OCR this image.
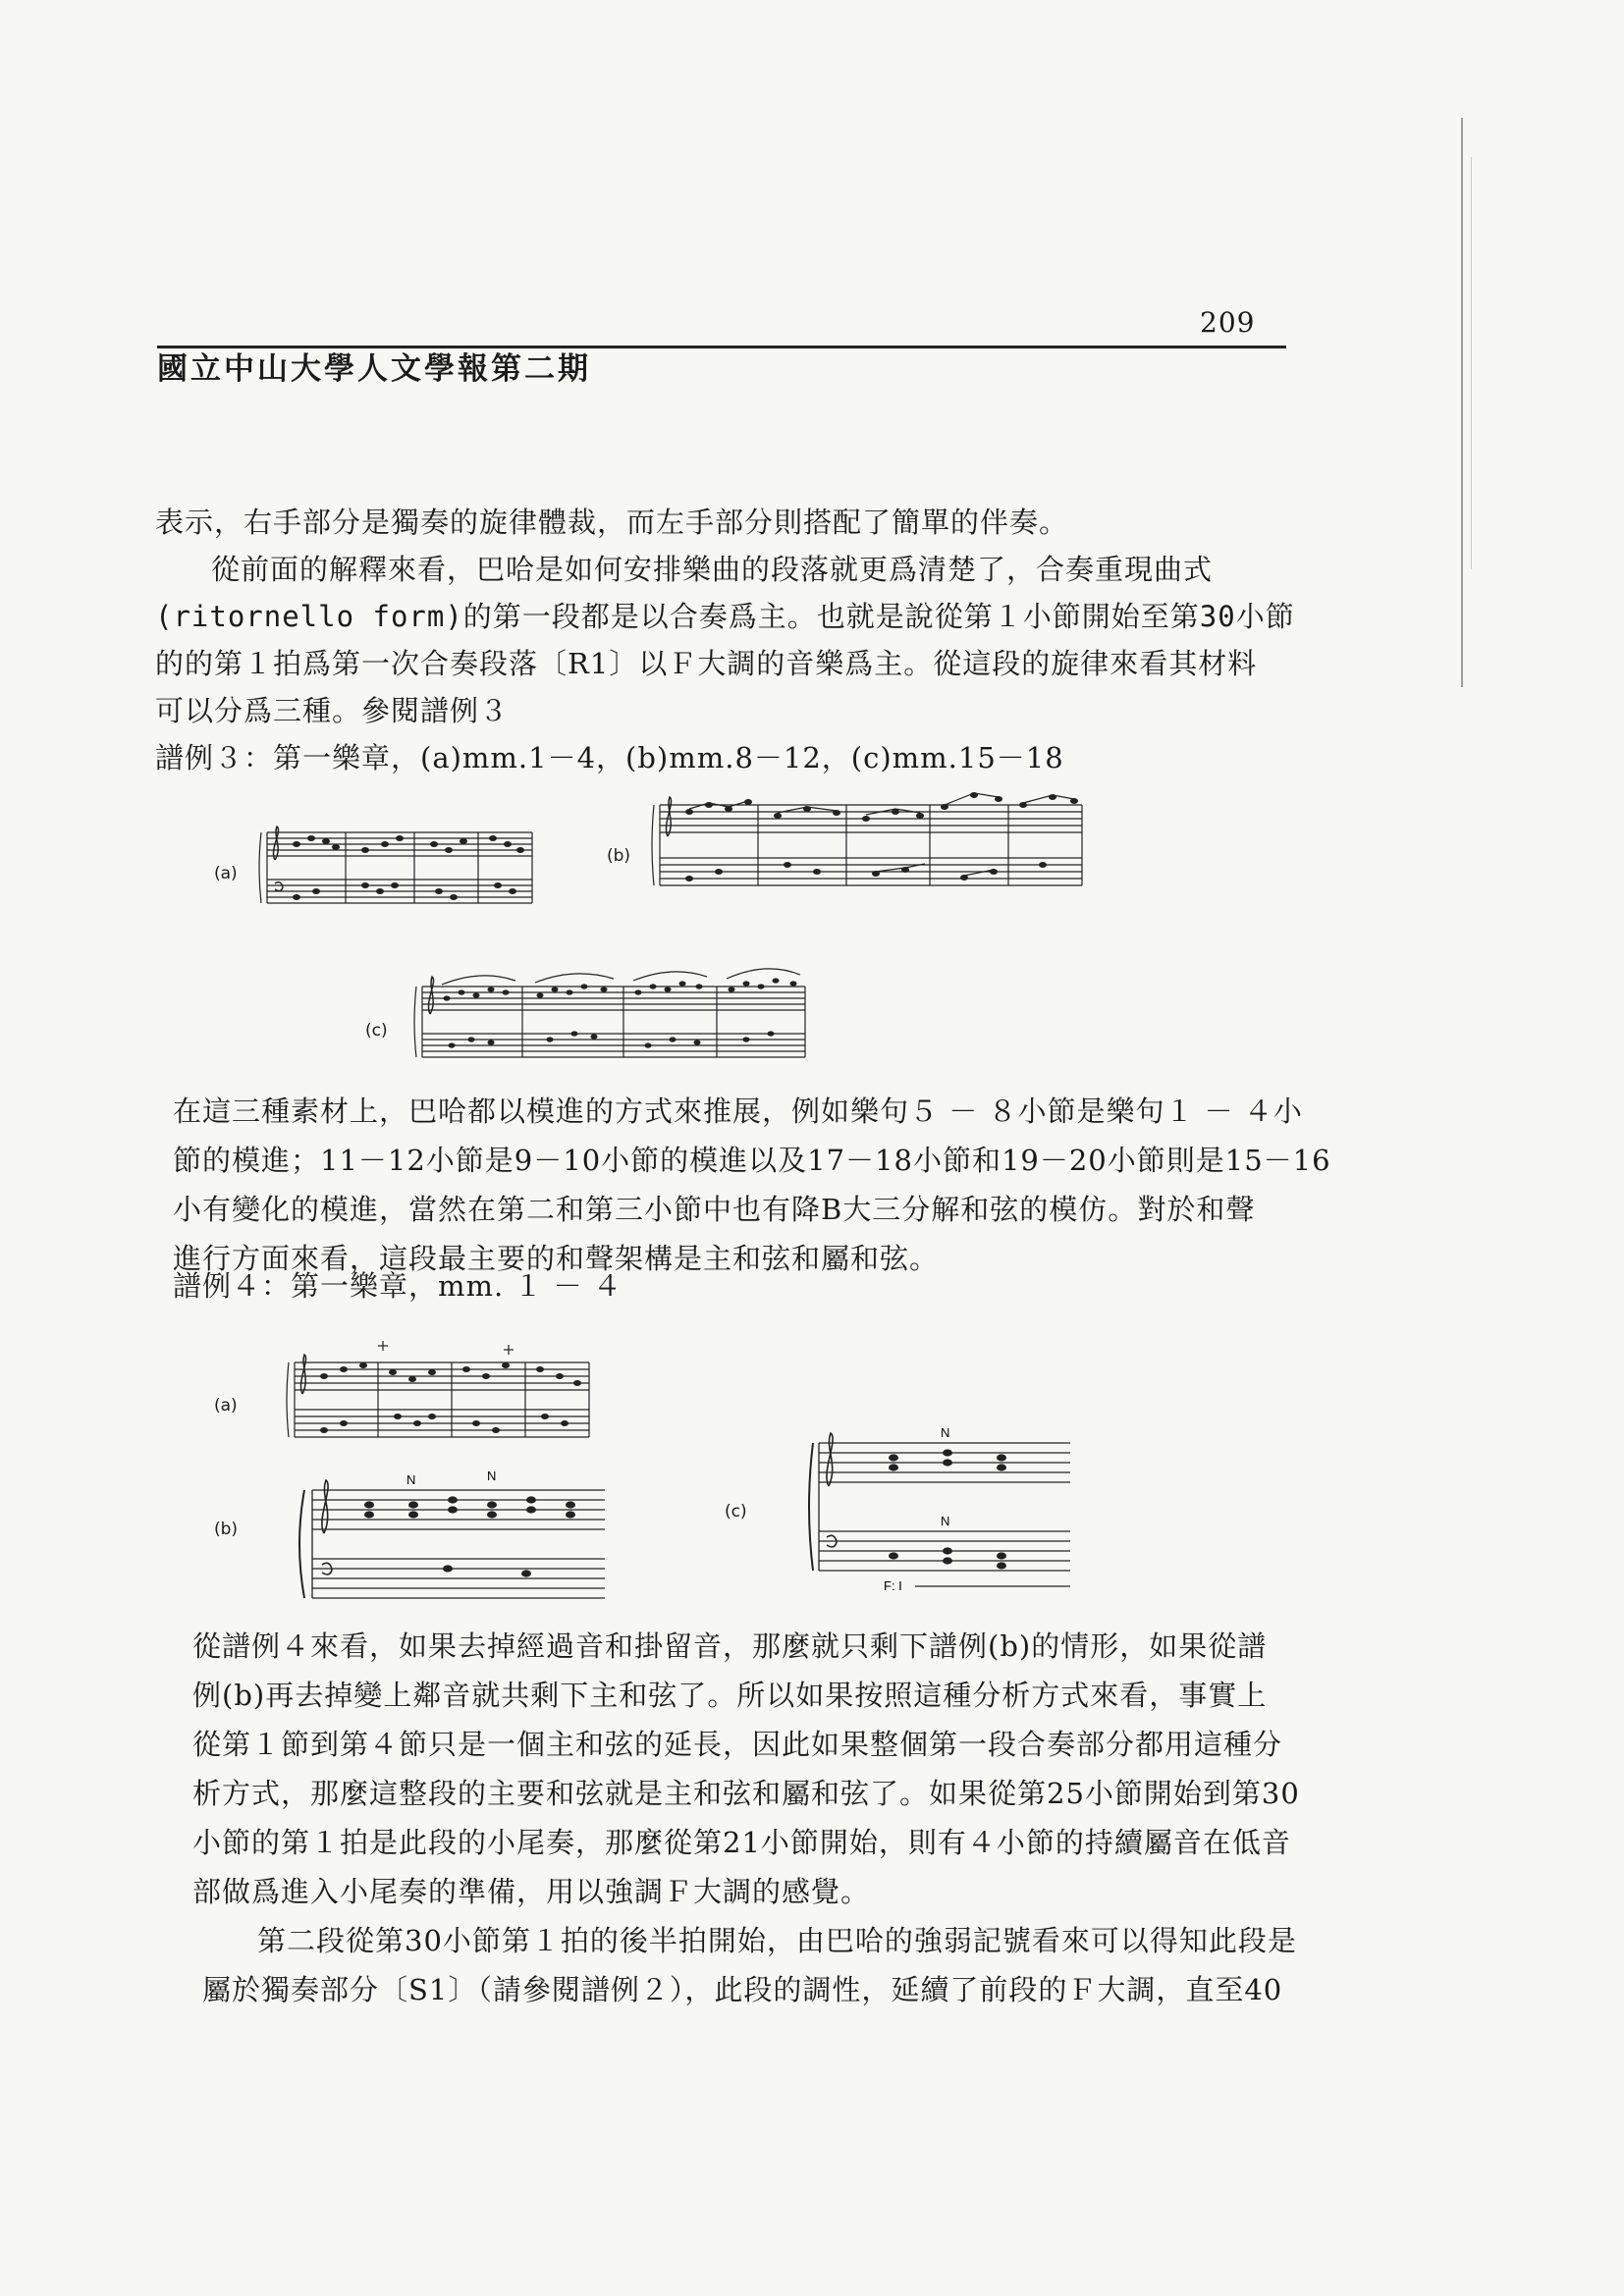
209
國立中山大學人文學報第二期
表示，右手部分是獨奏的旋律體裁，而左手部分則搭配了簡單的伴奏。
從前面的解釋來看，巴哈是如何安排樂曲的段落就更爲清楚了，合奏重現曲式
(ritornello form)的第一段都是以合奏爲主。也就是說從第１小節開始至第30小節
的的第１拍爲第一次合奏段落〔R1〕以Ｆ大調的音樂爲主。從這段的旋律來看其材料
可以分爲三種。參閱譜例３
譜例３：第一樂章，(a)mm.1－4，(b)mm.8－12，(c)mm.15－18
(a)
(b)
(c)
在這三種素材上，巴哈都以模進的方式來推展，例如樂句５ － ８小節是樂句１ － ４小
節的模進；11－12小節是9－10小節的模進以及17－18小節和19－20小節則是15－16
小有變化的模進，當然在第二和第三小節中也有降B大三分解和弦的模仿。對於和聲
進行方面來看，這段最主要的和聲架構是主和弦和屬和弦。
譜例４：第一樂章，mm. １ － ４
(a)
(b)
N	N
(c)
N
N
F: I
從譜例４來看，如果去掉經過音和掛留音，那麼就只剩下譜例(b)的情形，如果從譜
例(b)再去掉變上鄰音就共剩下主和弦了。所以如果按照這種分析方式來看，事實上
從第１節到第４節只是一個主和弦的延長，因此如果整個第一段合奏部分都用這種分
析方式，那麼這整段的主要和弦就是主和弦和屬和弦了。如果從第25小節開始到第30
小節的第１拍是此段的小尾奏，那麼從第21小節開始，則有４小節的持續屬音在低音
部做爲進入小尾奏的準備，用以強調Ｆ大調的感覺。
第二段從第30小節第１拍的後半拍開始，由巴哈的強弱記號看來可以得知此段是
屬於獨奏部分〔S1〕（請參閱譜例２），此段的調性，延續了前段的Ｆ大調，直至40
